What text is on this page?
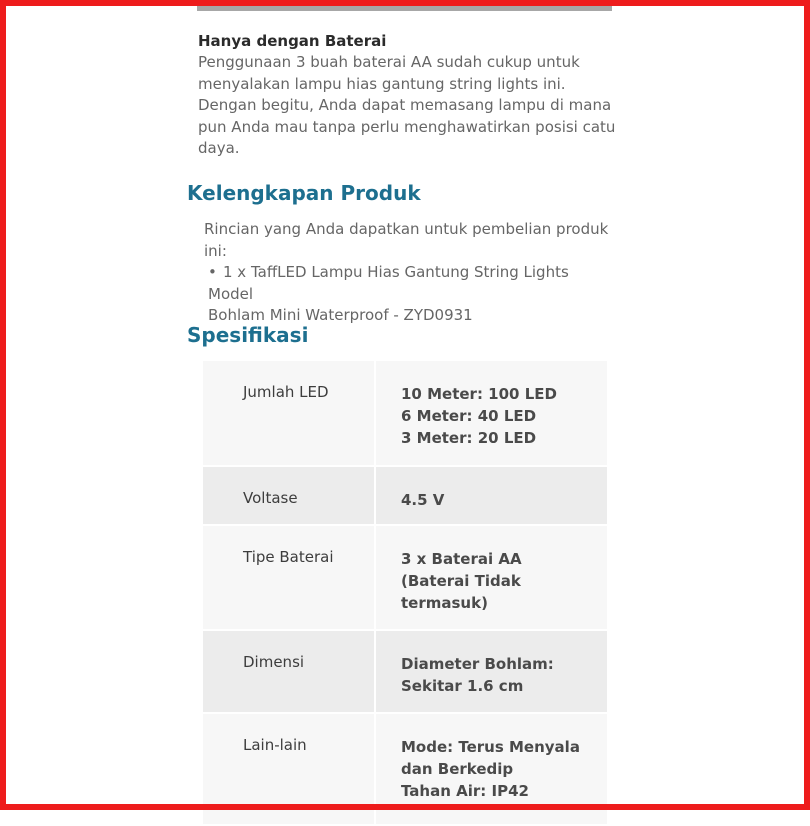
Hanya dengan Baterai

Penggunaan 3 buah baterai AA sudah cukup untuk
menyalakan lampu hias gantung string lights ini.
Dengan begitu, Anda dapat memasang lampu di mana
pun Anda mau tanpa perlu menghawatirkan posisi catu
daya.

Kelengkapan Produk

Rincian yang Anda dapatkan untuk pembelian produk
ini:

• 1 x TaffLED Lampu Hias Gantung String Lights Model
Bohlam Mini Waterproof - ZYD0931
Spesifikasi
Jumlah LED	10 Meter: 100 LED
6 Meter: 40 LED
3 Meter: 20 LED
Voltase	4.5 V
Tipe Baterai	3 x Baterai AA
(Baterai Tidak
termasuk)
Dimensi	Diameter Bohlam:
Sekitar 1.6 cm
Lain-lain	Mode: Terus Menyala
dan Berkedip
Tahan Air: IP42
